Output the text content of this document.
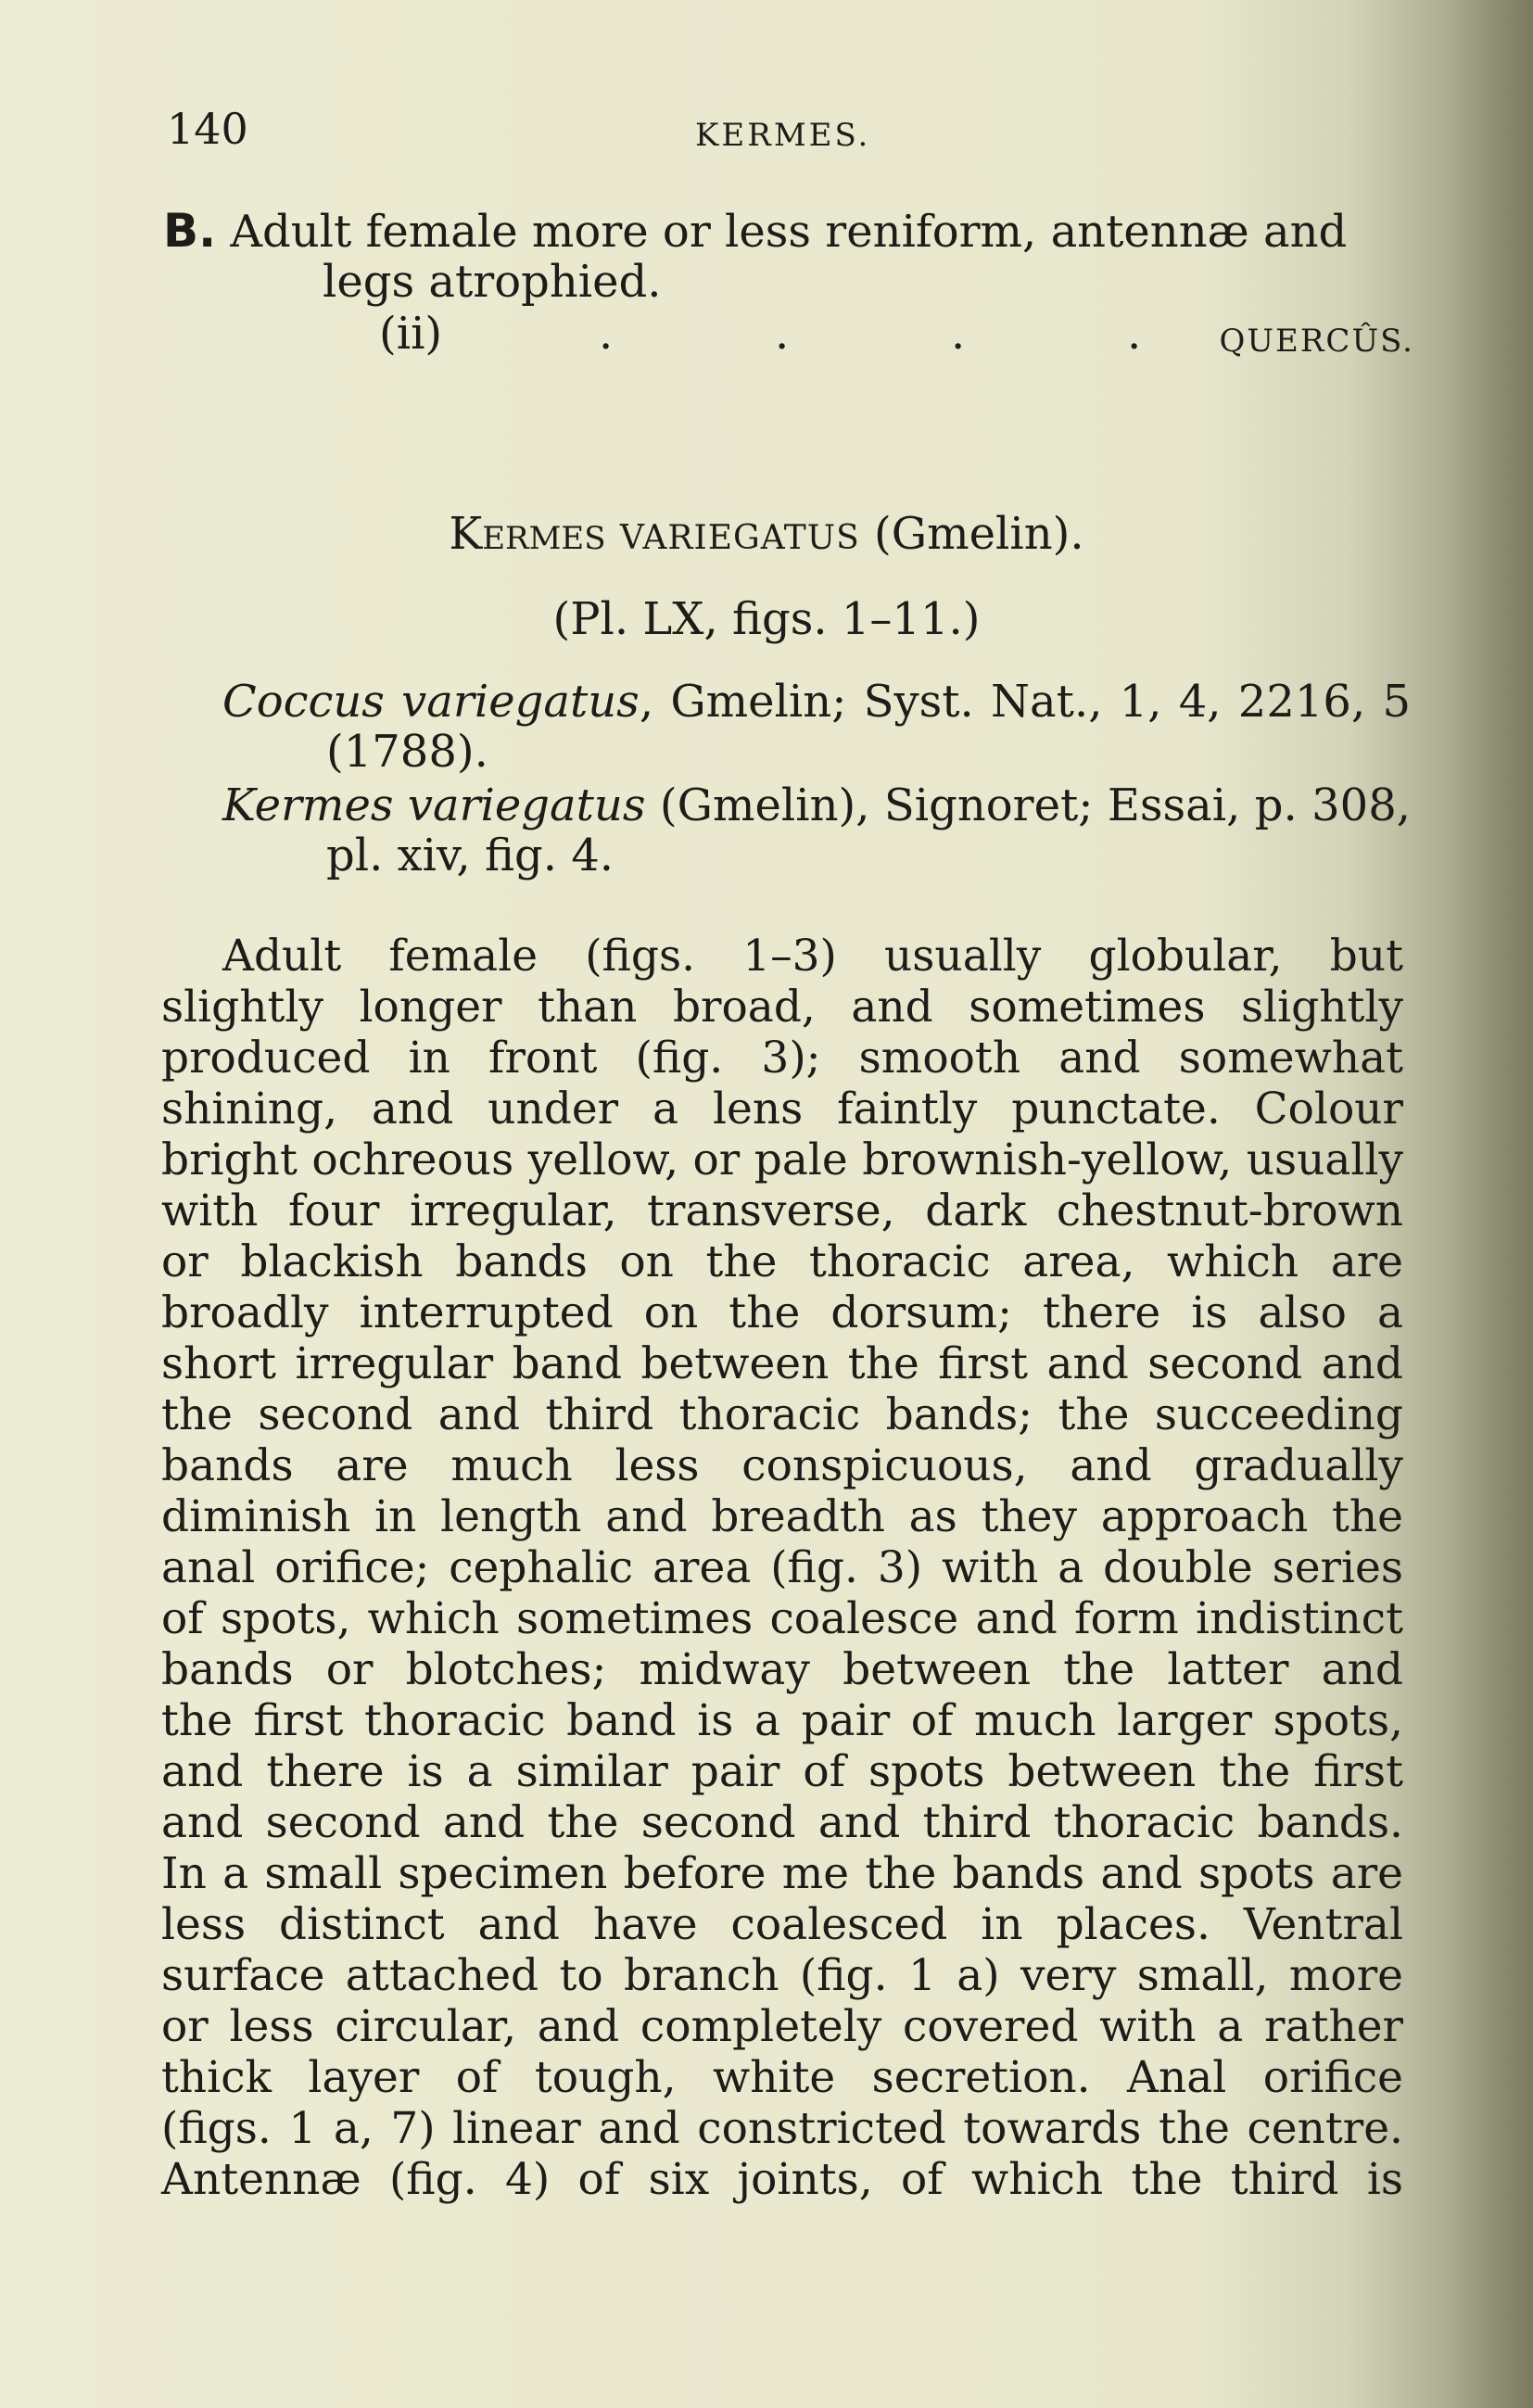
140	KERMES.
B. Adult female more or less reniform, antennæ and
legs atrophied.
(ii)	.	.	.	.	QUERCÛS.
Kermes VARIEGATUS (Gmelin).
(Pl. LX, figs. 1–11.)
Coccus variegatus, Gmelin; Syst. Nat., 1, 4, 2216, 5
(1788).
Kermes variegatus (Gmelin), Signoret; Essai, p. 308,
pl. xiv, fig. 4.
Adult female (figs. 1–3) usually globular, but
slightly longer than broad, and sometimes slightly
produced in front (fig. 3); smooth and somewhat
shining, and under a lens faintly punctate. Colour
bright ochreous yellow, or pale brownish-yellow, usually
with four irregular, transverse, dark chestnut-brown
or blackish bands on the thoracic area, which are
broadly interrupted on the dorsum; there is also a
short irregular band between the first and second and
the second and third thoracic bands; the succeeding
bands are much less conspicuous, and gradually
diminish in length and breadth as they approach the
anal orifice; cephalic area (fig. 3) with a double series
of spots, which sometimes coalesce and form indistinct
bands or blotches; midway between the latter and
the first thoracic band is a pair of much larger spots,
and there is a similar pair of spots between the first
and second and the second and third thoracic bands.
In a small specimen before me the bands and spots are
less distinct and have coalesced in places. Ventral
surface attached to branch (fig. 1 a) very small, more
or less circular, and completely covered with a rather
thick layer of tough, white secretion. Anal orifice
(figs. 1 a, 7) linear and constricted towards the centre.
Antennæ (fig. 4) of six joints, of which the third is
